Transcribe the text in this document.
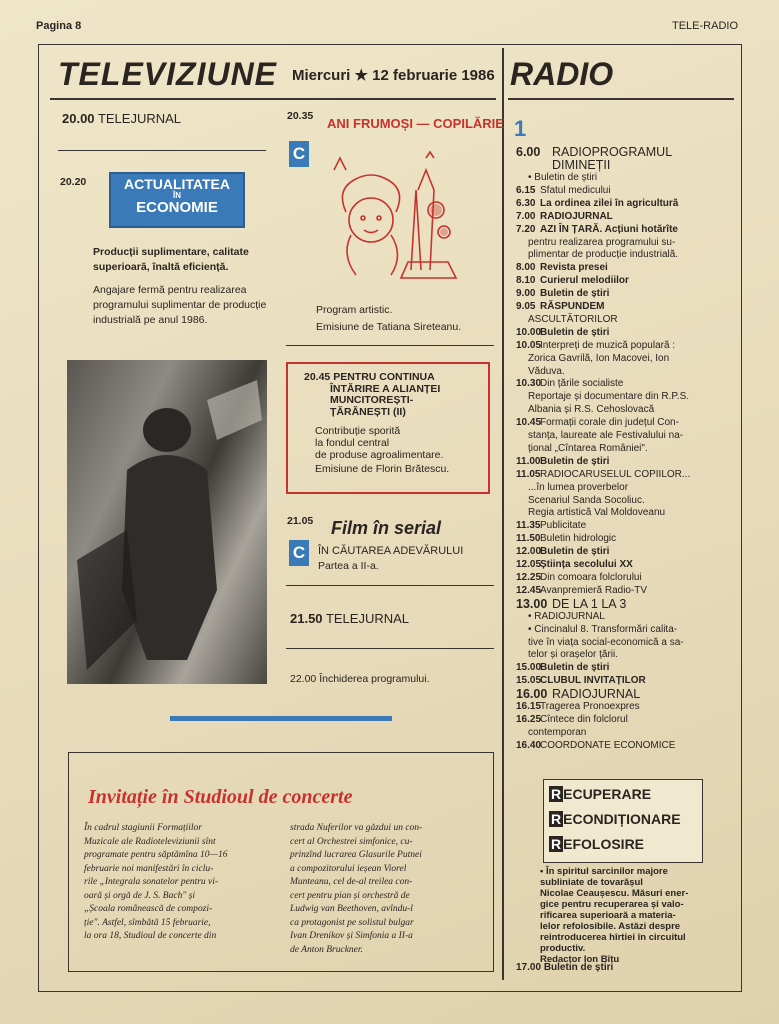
Pagina 8	TELE-RADIO
TELEVIZIUNE Miercuri ★ 12 februarie 1986
20.00 TELEJURNAL
20.20	ACTUALITATEA
ÎN
ECONOMIE
Producții suplimentare, calitate superioară, înaltă eficiență.
Angajare fermă pentru realizarea programului suplimentar de producție industrială pe anul 1986.
20.35 ANI FRUMOȘI — COPILĂRIE
C
Program artistic.
Emisiune de Tatiana Sireteanu.
20.45 PENTRU CONTINUA
ÎNTĂRIRE A ALIANȚEI
MUNCITOREȘTI-
ȚĂRĂNEȘTI (II)
Contribuție sporită
la fondul central
de produse agroalimentare.
Emisiune de Florin Brătescu.
21.05 Film în serial
C	ÎN CĂUTAREA ADEVĂRULUI
Partea a II-a.
21.50 TELEJURNAL
22.00 Închiderea programului.
Invitație în Studioul de concerte
În cadrul stagiunii Formațiilor
Muzicale ale Radioteleviziunii sînt
programate pentru săptămîna 10—16
februarie noi manifestări în ciclu-
rile „Integrala sonatelor pentru vi-
oară și orgă de J. S. Bach" și
„Școala românească de compozi-
ție". Astfel, sîmbătă 15 februarie,
la ora 18, Studioul de concerte din
strada Nuferilor va găzdui un con-
cert al Orchestrei simfonice, cu-
prinzînd lucrarea Glasurile Putnei
a compozitorului ieșean Viorel
Munteanu, cel de-al treilea con-
cert pentru pian și orchestră de
Ludwig van Beethoven, avîndu-l
ca protagonist pe solistul bulgar
Ivan Drenikov și Simfonia a II-a
de Anton Bruckner.
RADIO
1
6.00 RADIOPROGRAMUL
DIMINEȚII
• Buletin de știri
6.15 Sfatul medicului
6.30 La ordinea zilei în agricultură
7.00 RADIOJURNAL
7.20 AZI ÎN ȚARĂ. Acțiuni hotărîte
pentru realizarea programului su-
plimentar de producție industrială.
8.00 Revista presei
8.10 Curierul melodiilor
9.00 Buletin de știri
9.05 RĂSPUNDEM
ASCULTĂTORILOR
10.00Buletin de știri
10.05Interpreți de muzică populară :
Zorica Gavrilă, Ion Macovei, Ion
Văduva.
10.30Din țările socialiste
Reportaje și documentare din R.P.S.
Albania și R.S. Cehoslovacă
10.45Formații corale din județul Con-
stanța, laureate ale Festivalului na-
țional „Cîntarea României".
11.00Buletin de știri
11.05RADIOCARUSELUL COPIILOR...
...în lumea proverbelor
Scenariul Sanda Socoliuc.
Regia artistică Val Moldoveanu
11.35Publicitate
11.50Buletin hidrologic
12.00Buletin de știri
12.05Știința secolului XX
12.25Din comoara folclorului
12.45Avanpremieră Radio-TV
13.00 DE LA 1 LA 3
• RADIOJURNAL
• Cincinalul 8. Transformări calita-
tive în viața social-economică a sa-
telor și orașelor țării.
15.00Buletin de știri
15.05CLUBUL INVITAȚILOR
16.00 RADIOJURNAL
16.15Tragerea Pronoexpres
16.25Cîntece din folclorul
contemporan
16.40COORDONATE ECONOMICE
R ECUPERARE
R ECONDIȚIONARE
R EFOLOSIRE
• În spiritul sarcinilor majore
subliniate de tovarășul
Nicolae Ceaușescu. Măsuri ener-
gice pentru recuperarea și valo-
rificarea superioară a materia-
lelor refolosibile. Astăzi despre
reintroducerea hîrtiei în circuitul
productiv.
Redactor Ion Bîtu
17.00 Buletin de știri
